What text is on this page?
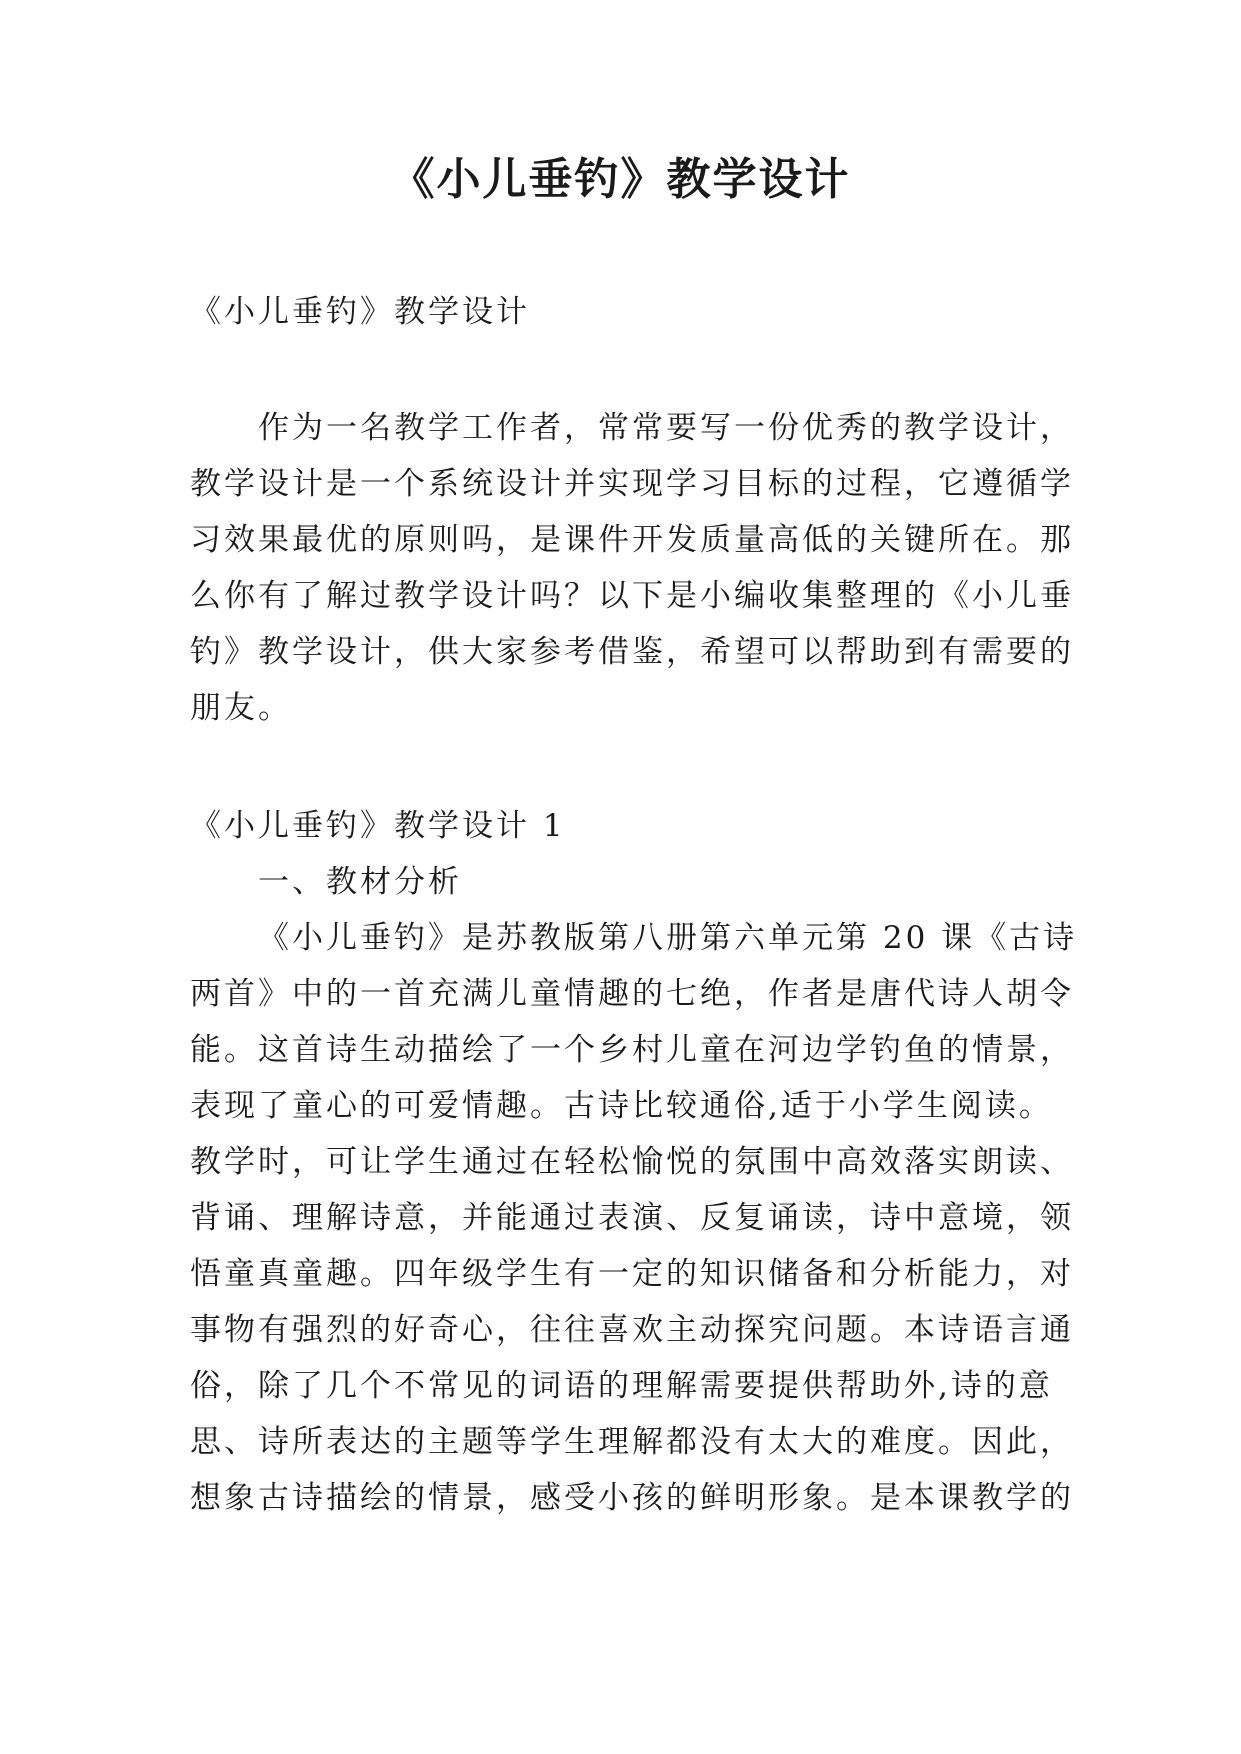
《小儿垂钓》教学设计
《小儿垂钓》教学设计
作为一名教学工作者，常常要写一份优秀的教学设计，
教学设计是一个系统设计并实现学习目标的过程，它遵循学
习效果最优的原则吗，是课件开发质量高低的关键所在。那
么你有了解过教学设计吗？以下是小编收集整理的《小儿垂
钓》教学设计，供大家参考借鉴，希望可以帮助到有需要的
朋友。
《小儿垂钓》教学设计 1
一、教材分析
《小儿垂钓》是苏教版第八册第六单元第 20 课《古诗
两首》中的一首充满儿童情趣的七绝，作者是唐代诗人胡令
能。这首诗生动描绘了一个乡村儿童在河边学钓鱼的情景，
表现了童心的可爱情趣。古诗比较通俗,适于小学生阅读。
教学时，可让学生通过在轻松愉悦的氛围中高效落实朗读、
背诵、理解诗意，并能通过表演、反复诵读，诗中意境，领
悟童真童趣。四年级学生有一定的知识储备和分析能力，对
事物有强烈的好奇心，往往喜欢主动探究问题。本诗语言通
俗，除了几个不常见的词语的理解需要提供帮助外,诗的意
思、诗所表达的主题等学生理解都没有太大的难度。因此，
想象古诗描绘的情景，感受小孩的鲜明形象。是本课教学的
